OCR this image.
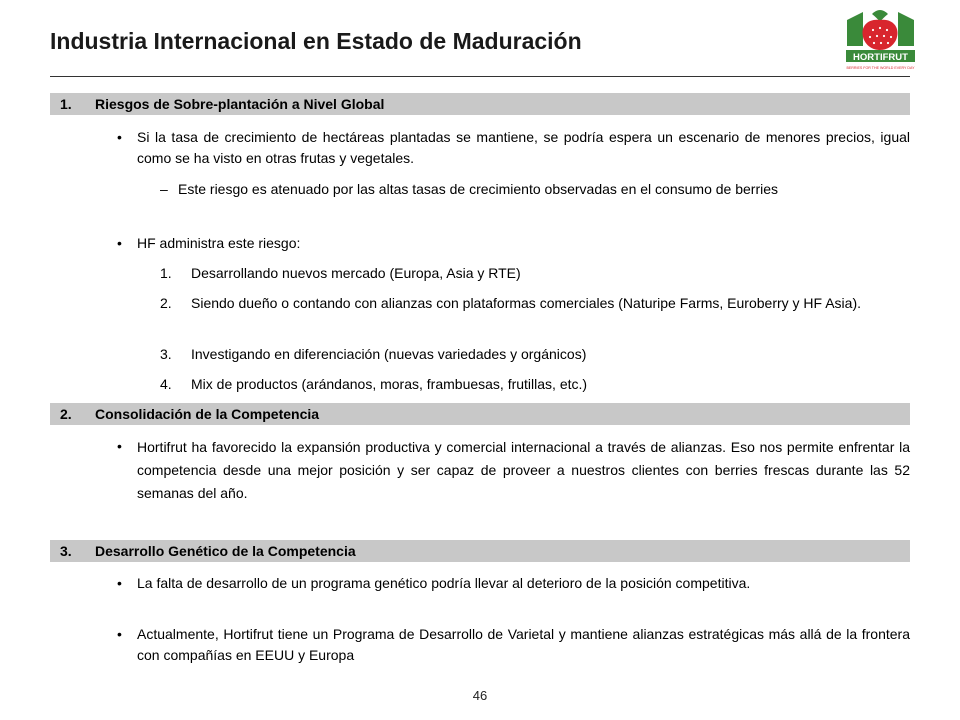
Industria Internacional en Estado de Maduración
HORTIFRUT
BERRIES FOR THE WORLD EVERY DAY
1. Riesgos de Sobre-plantación a Nivel Global
• Si la tasa de crecimiento de hectáreas plantadas se mantiene, se podría espera un escenario de menores precios, igual como se ha visto en otras frutas y vegetales.

– Este riesgo es atenuado por las altas tasas de crecimiento observadas en el consumo de berries

• HF administra este riesgo:

1. Desarrollando nuevos mercado (Europa, Asia y RTE)

2. Siendo dueño o contando con alianzas con plataformas comerciales (Naturipe Farms, Euroberry y HF Asia).

3. Investigando en diferenciación (nuevas variedades y orgánicos)

4. Mix de productos (arándanos, moras, frambuesas, frutillas, etc.)

2. Consolidación de la Competencia
• Hortifrut ha favorecido la expansión productiva y comercial internacional a través de alianzas. Eso nos permite enfrentar la competencia desde una mejor posición y ser capaz de proveer a nuestros clientes con berries frescas durante las 52 semanas del año.

3. Desarrollo Genético de la Competencia
• La falta de desarrollo de un programa genético podría llevar al deterioro de la posición competitiva.

• Actualmente, Hortifrut tiene un Programa de Desarrollo de Varietal y mantiene alianzas estratégicas más allá de la frontera con compañías en EEUU y Europa

46
